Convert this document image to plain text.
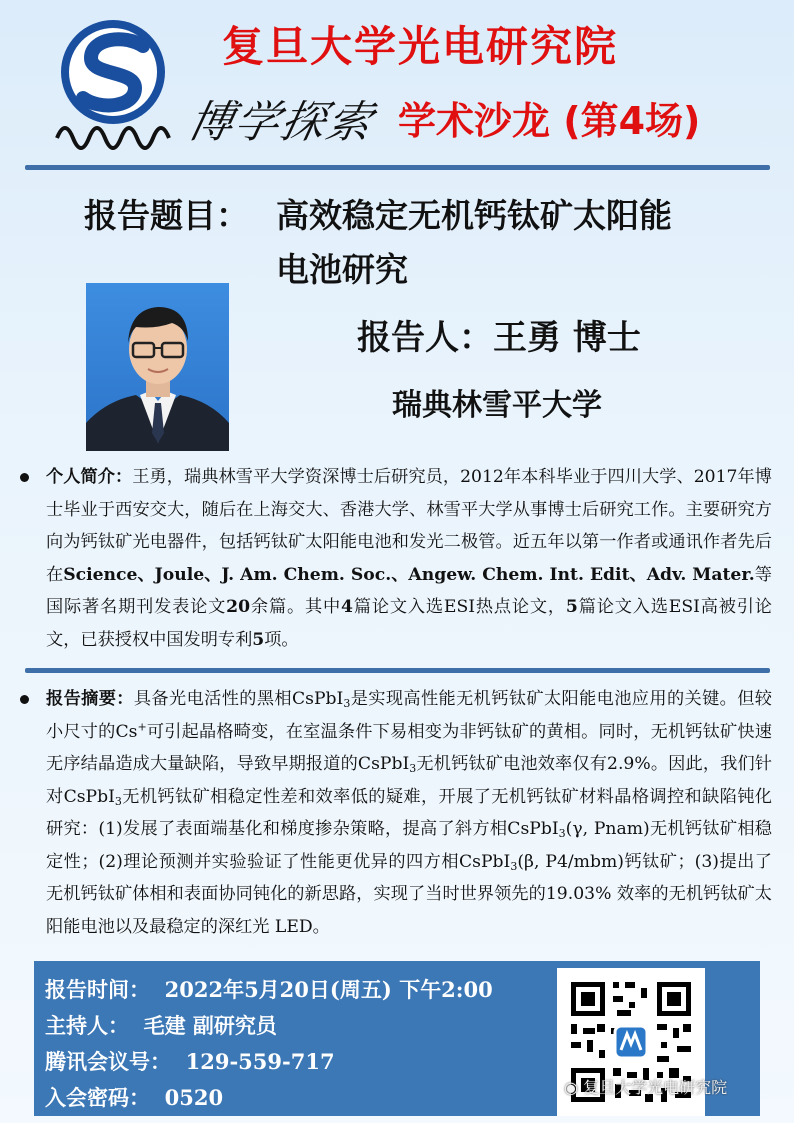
复旦大学光电研究院
博学探索 学术沙龙 (第4场)
报告题目： 高效稳定无机钙钛矿太阳能
电池研究
报告人：王勇 博士
瑞典林雪平大学
个人简介：王勇，瑞典林雪平大学资深博士后研究员，2012年本科毕业于四川大学、2017年博士毕业于西安交大，随后在上海交大、香港大学、林雪平大学从事博士后研究工作。主要研究方向为钙钛矿光电器件，包括钙钛矿太阳能电池和发光二极管。近五年以第一作者或通讯作者先后在Science、Joule、J. Am. Chem. Soc.、Angew. Chem. Int. Edit、Adv. Mater.等国际著名期刊发表论文20余篇。其中4篇论文入选ESI热点论文，5篇论文入选ESI高被引论文，已获授权中国发明专利5项。
报告摘要：具备光电活性的黑相CsPbI$_3$是实现高性能无机钙钛矿太阳能电池应用的关键。但较小尺寸的Cs+可引起晶格畸变，在室温条件下易相变为非钙钛矿的黄相。同时，无机钙钛矿快速无序结晶造成大量缺陷，导致早期报道的CsPbI$_3$无机钙钛矿电池效率仅有2.9%。因此，我们针对CsPbI$_3$无机钙钛矿相稳定性差和效率低的疑难，开展了无机钙钛矿材料晶格调控和缺陷钝化研究：(1)发展了表面端基化和梯度掺杂策略，提高了斜方相CsPbI$_3$(γ, Pnam)无机钙钛矿相稳定性；(2)理论预测并实验验证了性能更优异的四方相CsPbI$_3$(β, P4/mbm)钙钛矿；(3)提出了无机钙钛矿体相和表面协同钝化的新思路，实现了当时世界领先的19.03% 效率的无机钙钛矿太阳能电池以及最稳定的深红光 LED。
报告时间： 2022年5月20日(周五) 下午2:00
主持人： 毛建 副研究员
腾讯会议号： 129-559-717
入会密码： 0520	◉ 复旦大学光电研究院
